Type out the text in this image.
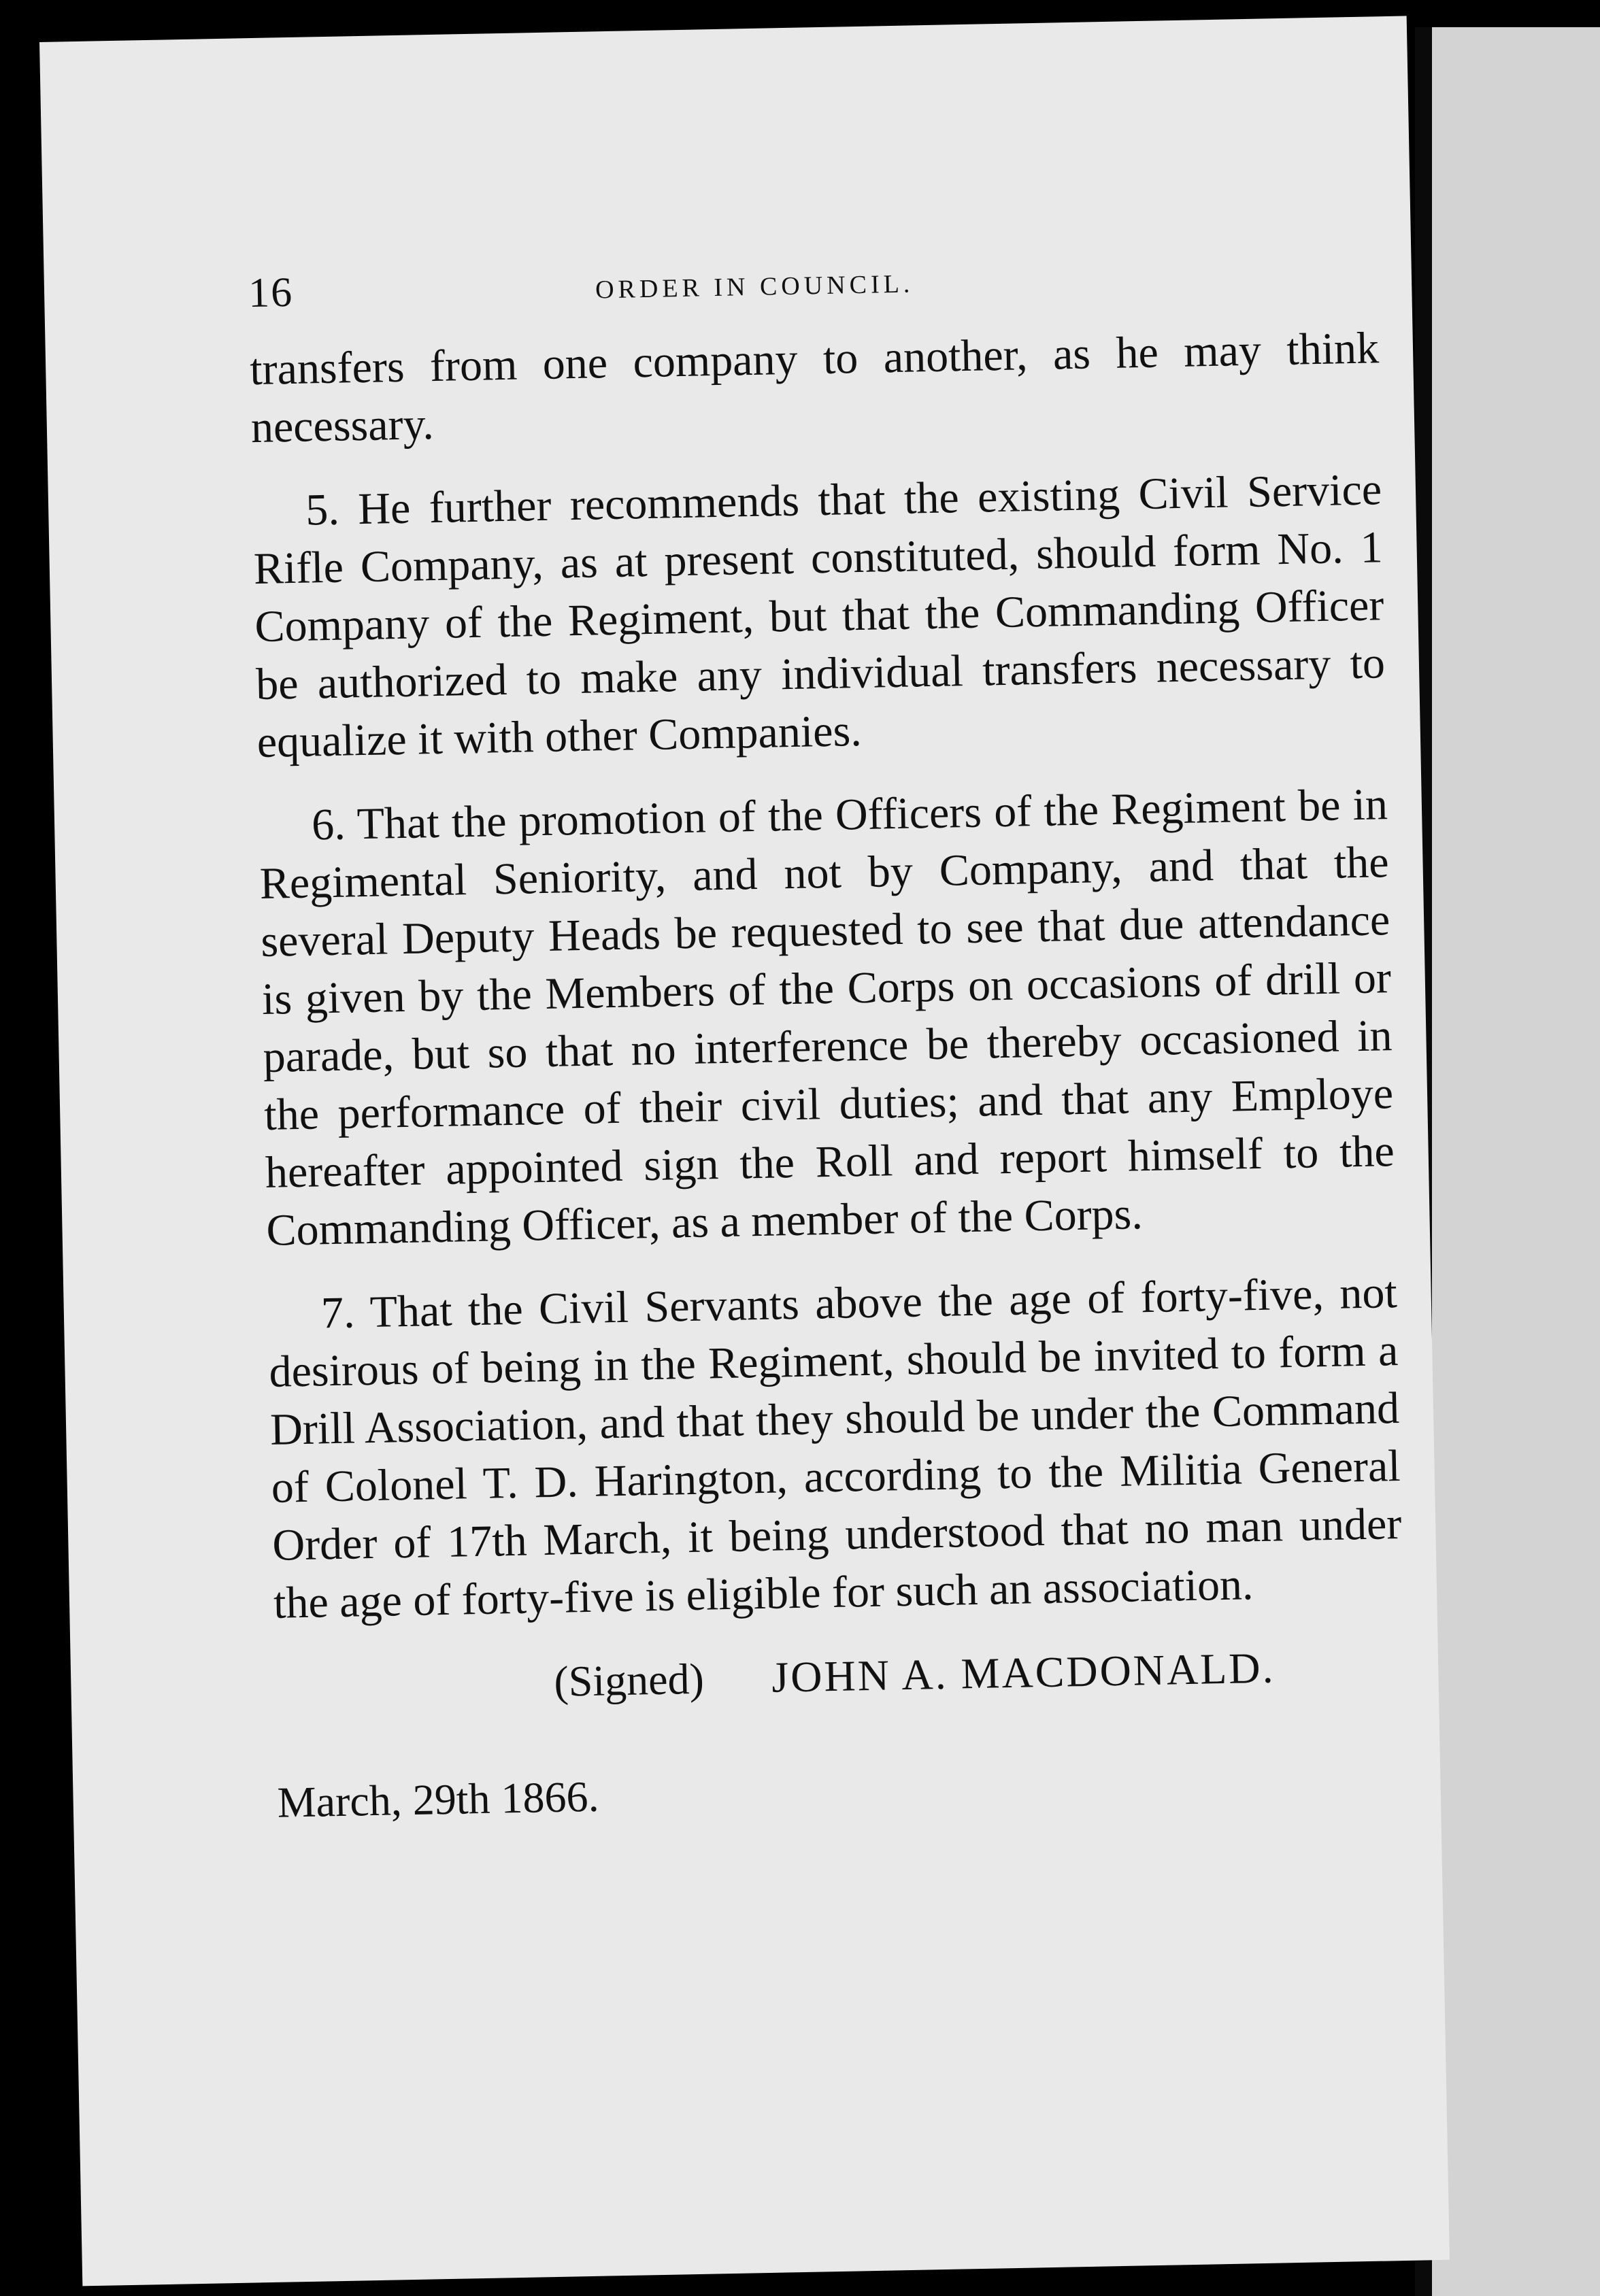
16	ORDER IN COUNCIL.

transfers from one company to another, as he may think necessary.

5. He further recommends that the existing Civil Service Rifle Company, as at present constituted, should form No. 1 Company of the Regiment, but that the Commanding Officer be authorized to make any individual transfers necessary to equalize it with other Companies.

6. That the promotion of the Officers of the Regiment be in Regimental Seniority, and not by Company, and that the several Deputy Heads be requested to see that due attendance is given by the Members of the Corps on occasions of drill or parade, but so that no interference be thereby occasioned in the performance of their civil duties; and that any Employe hereafter appointed sign the Roll and report himself to the Commanding Officer, as a member of the Corps.

7. That the Civil Servants above the age of forty-five, not desirous of being in the Regiment, should be invited to form a Drill Association, and that they should be under the Command of Colonel T. D. Harington, according to the Militia General Order of 17th March, it being understood that no man under the age of forty-five is eligible for such an association.

(Signed) JOHN A. MACDONALD.
March, 29th 1866.
